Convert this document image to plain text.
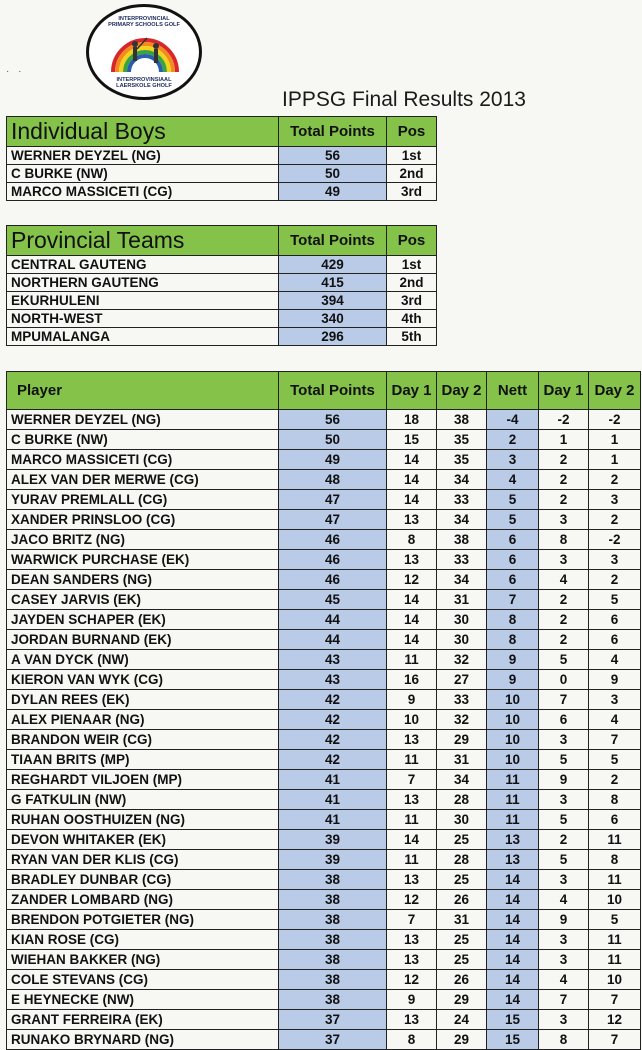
INTERPROVINCIAL
PRIMARY SCHOOLS GOLF
INTERPROVINSIAAL
LAERSKOLE GHOLF
· ·
IPPSG Final Results 2013
Individual Boys	Total Points	Pos
WERNER DEYZEL (NG)	56	1st
C BURKE (NW)	50	2nd
MARCO MASSICETI (CG)	49	3rd
Provincial Teams	Total Points	Pos
CENTRAL GAUTENG	429	1st
NORTHERN GAUTENG	415	2nd
EKURHULENI	394	3rd
NORTH-WEST	340	4th
MPUMALANGA	296	5th
Player	Total Points	Day 1	Day 2	Nett	Day 1	Day 2
WERNER DEYZEL (NG)	56	18	38	-4	-2	-2
C BURKE (NW)	50	15	35	2	1	1
MARCO MASSICETI (CG)	49	14	35	3	2	1
ALEX VAN DER MERWE (CG)	48	14	34	4	2	2
YURAV PREMLALL (CG)	47	14	33	5	2	3
XANDER PRINSLOO (CG)	47	13	34	5	3	2
JACO BRITZ (NG)	46	8	38	6	8	-2
WARWICK PURCHASE (EK)	46	13	33	6	3	3
DEAN SANDERS (NG)	46	12	34	6	4	2
CASEY JARVIS (EK)	45	14	31	7	2	5
JAYDEN SCHAPER (EK)	44	14	30	8	2	6
JORDAN BURNAND (EK)	44	14	30	8	2	6
A VAN DYCK (NW)	43	11	32	9	5	4
KIERON VAN WYK (CG)	43	16	27	9	0	9
DYLAN REES (EK)	42	9	33	10	7	3
ALEX PIENAAR (NG)	42	10	32	10	6	4
BRANDON WEIR (CG)	42	13	29	10	3	7
TIAAN BRITS (MP)	42	11	31	10	5	5
REGHARDT VILJOEN (MP)	41	7	34	11	9	2
G FATKULIN (NW)	41	13	28	11	3	8
RUHAN OOSTHUIZEN (NG)	41	11	30	11	5	6
DEVON WHITAKER (EK)	39	14	25	13	2	11
RYAN VAN DER KLIS (CG)	39	11	28	13	5	8
BRADLEY DUNBAR (CG)	38	13	25	14	3	11
ZANDER LOMBARD (NG)	38	12	26	14	4	10
BRENDON POTGIETER (NG)	38	7	31	14	9	5
KIAN ROSE (CG)	38	13	25	14	3	11
WIEHAN BAKKER (NG)	38	13	25	14	3	11
COLE STEVANS (CG)	38	12	26	14	4	10
E HEYNECKE (NW)	38	9	29	14	7	7
GRANT FERREIRA (EK)	37	13	24	15	3	12
RUNAKO BRYNARD (NG)	37	8	29	15	8	7
